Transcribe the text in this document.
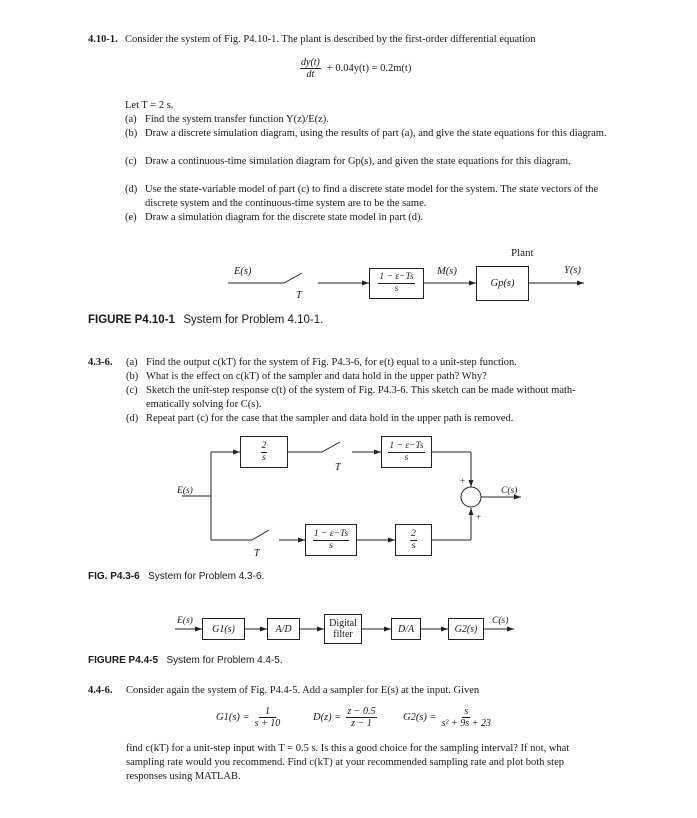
4.10-1. Consider the system of Fig. P4.10-1. The plant is described by the first-order differential equation
$\frac{dy(t)}{dt} + 0.04y(t) = 0.2m(t)$
Let T = 2 s.
(a) Find the system transfer function Y(z)/E(z).
(b) Draw a discrete simulation diagram, using the results of part (a), and give the state equations for this diagram.
(c) Draw a continuous-time simulation diagram for Gp(s), and given the state equations for this diagram.
(d) Use the state-variable model of part (c) to find a discrete state model for the system. The state vectors of the discrete system and the continuous-time system are to be the same.
(e) Draw a simulation diagram for the discrete state model in part (d).
Plant
E(s)
T
$\frac{1 - \varepsilon-Ts}{s}$
M(s)
Gp(s)
Y(s)
FIGURE P4.10-1 System for Problem 4.10-1.
4.3-6. (a) Find the output c(kT) for the system of Fig. P4.3-6, for e(t) equal to a unit-step function.
(b) What is the effect on c(kT) of the sampler and data hold in the upper path? Why?
(c) Sketch the unit-step response c(t) of the system of Fig. P4.3-6. This sketch can be made without math-ematically solving for C(s).
(d) Repeat part (c) for the case that the sampler and data hold in the upper path is removed.
E(s)
$\frac{2}{s}$
T
$\frac{1 - \varepsilon-Ts}{s}$
C(s)
+
+
T
$\frac{1 - \varepsilon-Ts}{s}$	$\frac{2}{s}$
FIG. P4.3-6 System for Problem 4.3-6.
E(s)
G1(s)	A/D	Digital filter	D/A	G2(s)
C(s)
FIGURE P4.4-5 System for Problem 4.4-5.
4.4-6. Consider again the system of Fig. P4.4-5. Add a sampler for E(s) at the input. Given
$G1(s) = \frac{1}{s + 10}$	$D(z) = \frac{z - 0.5}{z - 1}$	$G2(s) = \frac{s}{\text{s² + 9s + 23}}$
find c(kT) for a unit-step input with T = 0.5 s. Is this a good choice for the sampling interval? If not, what sampling rate would you recommend. Find c(kT) at your recommended sampling rate and plot both step responses using MATLAB.
